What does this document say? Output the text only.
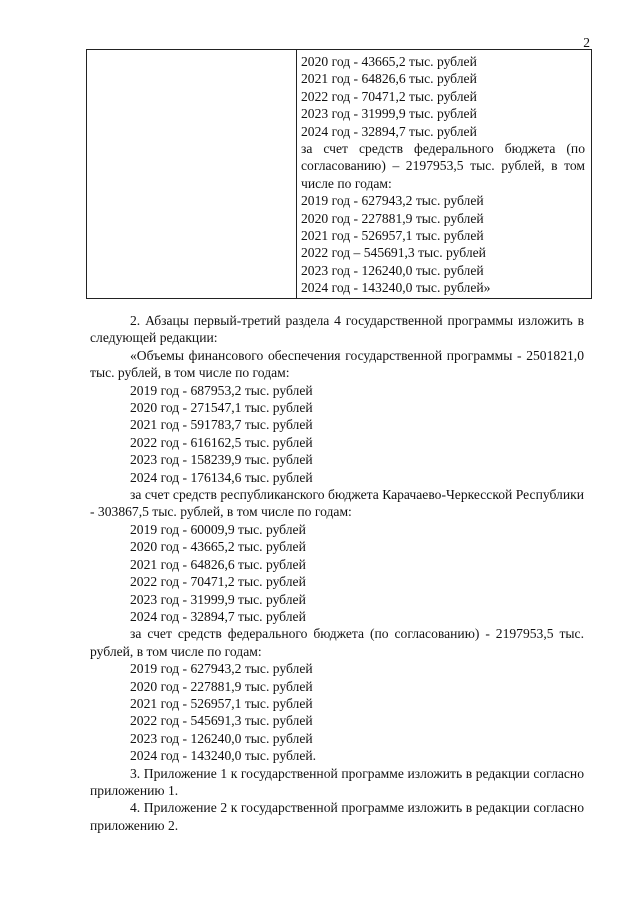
2
2020 год - 43665,2 тыс. рублей
2021 год - 64826,6 тыс. рублей
2022 год - 70471,2 тыс. рублей
2023 год - 31999,9 тыс. рублей
2024 год - 32894,7 тыс. рублей
за счет средств федерального бюджета (по согласованию) – 2197953,5 тыс. рублей, в том числе по годам:
2019 год - 627943,2 тыс. рублей
2020 год - 227881,9 тыс. рублей
2021 год - 526957,1 тыс. рублей
2022 год – 545691,3 тыс. рублей
2023 год - 126240,0 тыс. рублей
2024 год - 143240,0 тыс. рублей»
2. Абзацы первый-третий раздела 4 государственной программы изложить в следующей редакции:
«Объемы финансового обеспечения государственной программы - 2501821,0 тыс. рублей, в том числе по годам:
2019 год - 687953,2 тыс. рублей
2020 год - 271547,1 тыс. рублей
2021 год - 591783,7 тыс. рублей
2022 год - 616162,5 тыс. рублей
2023 год - 158239,9 тыс. рублей
2024 год - 176134,6 тыс. рублей
за счет средств республиканского бюджета Карачаево-Черкесской Республики - 303867,5 тыс. рублей, в том числе по годам:
2019 год - 60009,9 тыс. рублей
2020 год - 43665,2 тыс. рублей
2021 год - 64826,6 тыс. рублей
2022 год - 70471,2 тыс. рублей
2023 год - 31999,9 тыс. рублей
2024 год - 32894,7 тыс. рублей
за счет средств федерального бюджета (по согласованию) - 2197953,5 тыс. рублей, в том числе по годам:
2019 год - 627943,2 тыс. рублей
2020 год - 227881,9 тыс. рублей
2021 год - 526957,1 тыс. рублей
2022 год - 545691,3 тыс. рублей
2023 год - 126240,0 тыс. рублей
2024 год - 143240,0 тыс. рублей.
3. Приложение 1 к государственной программе изложить в редакции согласно приложению 1.
4. Приложение 2 к государственной программе изложить в редакции согласно приложению 2.
